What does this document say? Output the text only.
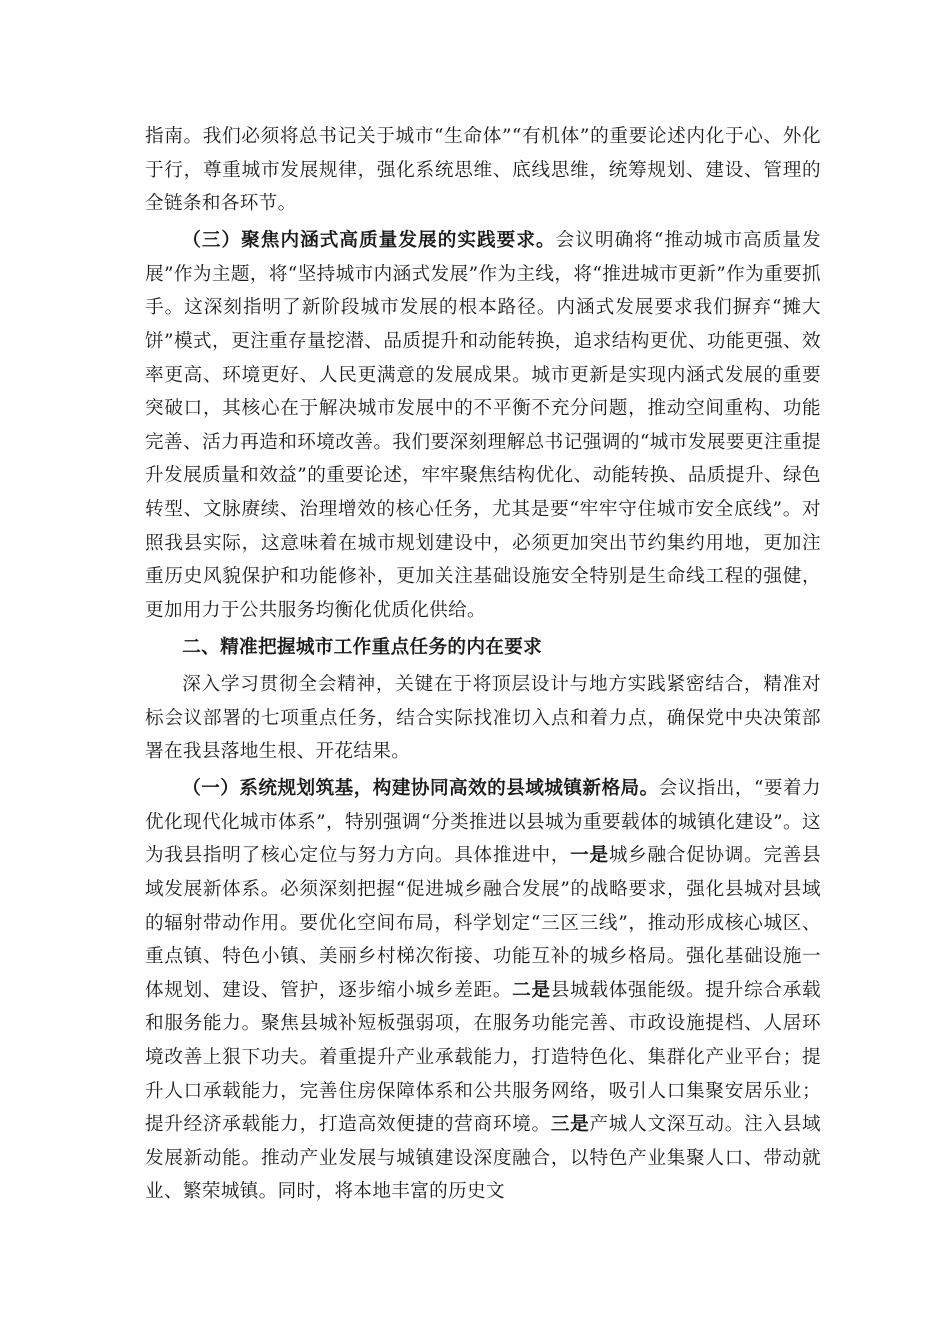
指南。我们必须将总书记关于城市“生命体”“有机体”的重要论述内化于心、外化于行，尊重城市发展规律，强化系统思维、底线思维，统筹规划、建设、管理的全链条和各环节。

（三）聚焦内涵式高质量发展的实践要求。会议明确将“推动城市高质量发展”作为主题，将“坚持城市内涵式发展”作为主线，将“推进城市更新”作为重要抓手。这深刻指明了新阶段城市发展的根本路径。内涵式发展要求我们摒弃“摊大饼”模式，更注重存量挖潜、品质提升和动能转换，追求结构更优、功能更强、效率更高、环境更好、人民更满意的发展成果。城市更新是实现内涵式发展的重要突破口，其核心在于解决城市发展中的不平衡不充分问题，推动空间重构、功能完善、活力再造和环境改善。我们要深刻理解总书记强调的“城市发展要更注重提升发展质量和效益”的重要论述，牢牢聚焦结构优化、动能转换、品质提升、绿色转型、文脉赓续、治理增效的核心任务，尤其是要“牢牢守住城市安全底线”。对照我县实际，这意味着在城市规划建设中，必须更加突出节约集约用地，更加注重历史风貌保护和功能修补，更加关注基础设施安全特别是生命线工程的强健，更加用力于公共服务均衡化优质化供给。

二、精准把握城市工作重点任务的内在要求

深入学习贯彻全会精神，关键在于将顶层设计与地方实践紧密结合，精准对标会议部署的七项重点任务，结合实际找准切入点和着力点，确保党中央决策部署在我县落地生根、开花结果。

（一）系统规划筑基，构建协同高效的县域城镇新格局。会议指出，“要着力优化现代化城市体系”，特别强调“分类推进以县城为重要载体的城镇化建设”。这为我县指明了核心定位与努力方向。具体推进中，一是城乡融合促协调。完善县域发展新体系。必须深刻把握“促进城乡融合发展”的战略要求，强化县城对县域的辐射带动作用。要优化空间布局，科学划定“三区三线”，推动形成核心城区、重点镇、特色小镇、美丽乡村梯次衔接、功能互补的城乡格局。强化基础设施一体规划、建设、管护，逐步缩小城乡差距。二是县城载体强能级。提升综合承载和服务能力。聚焦县城补短板强弱项，在服务功能完善、市政设施提档、人居环境改善上狠下功夫。着重提升产业承载能力，打造特色化、集群化产业平台；提升人口承载能力，完善住房保障体系和公共服务网络，吸引人口集聚安居乐业；提升经济承载能力，打造高效便捷的营商环境。三是产城人文深互动。注入县域发展新动能。推动产业发展与城镇建设深度融合，以特色产业集聚人口、带动就业、繁荣城镇。同时，将本地丰富的历史文
